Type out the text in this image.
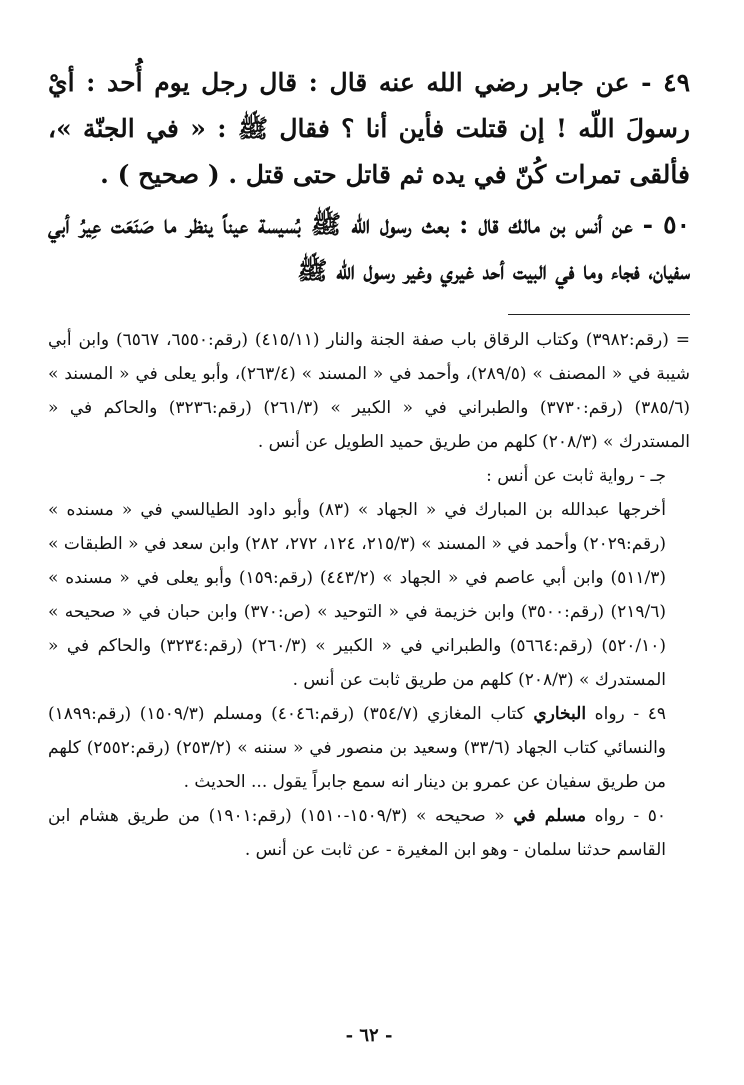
٤٩ - عن جابر رضي الله عنه قال : قال رجل يوم أُحد : أيْ رسولَ اللّه ! إن قتلت فأين أنا ؟ فقال ﷺ : « في الجنّة »، فألقى تمرات كُنّ في يده ثم قاتل حتى قتل . ( صحيح ) .

٥٠ - عن أنس بن مالك قال : بعث رسول اللّه ﷺ بُسيسة عيناً ينظر ما صَنَعَت عِيرُ أبي سفيان، فجاء وما في البيت أحد غيري وغير رسول اللّه ﷺ

= (رقم:٣٩٨٢) وكتاب الرقاق باب صفة الجنة والنار (٤١٥/١١) (رقم:٦٥٥٠، ٦٥٦٧) وابن أبي شيبة في « المصنف » (٢٨٩/٥)، وأحمد في « المسند » (٢٦٣/٤)، وأبو يعلى في « المسند » (٣٨٥/٦) (رقم:٣٧٣٠) والطبراني في « الكبير » (٢٦١/٣) (رقم:٣٢٣٦) والحاكم في « المستدرك » (٢٠٨/٣) كلهم من طريق حميد الطويل عن أنس .

جـ - رواية ثابت عن أنس :

أخرجها عبدالله بن المبارك في « الجهاد » (٨٣) وأبو داود الطيالسي في « مسنده » (رقم:٢٠٢٩) وأحمد في « المسند » (٢١٥/٣، ١٢٤، ٢٧٢، ٢٨٢) وابن سعد في « الطبقات » (٥١١/٣) وابن أبي عاصم في « الجهاد » (٤٤٣/٢) (رقم:١٥٩) وأبو يعلى في « مسنده » (٢١٩/٦) (رقم:٣٥٠٠) وابن خزيمة في « التوحيد » (ص:٣٧٠) وابن حبان في « صحيحه » (٥٢٠/١٠) (رقم:٥٦٦٤) والطبراني في « الكبير » (٢٦٠/٣) (رقم:٣٢٣٤) والحاكم في « المستدرك » (٢٠٨/٣) كلهم من طريق ثابت عن أنس .

٤٩ - رواه البخاري كتاب المغازي (٣٥٤/٧) (رقم:٤٠٤٦) ومسلم (١٥٠٩/٣) (رقم:١٨٩٩) والنسائي كتاب الجهاد (٣٣/٦) وسعيد بن منصور في « سننه » (٢٥٣/٢) (رقم:٢٥٥٢) كلهم من طريق سفيان عن عمرو بن دينار انه سمع جابراً يقول ... الحديث .

٥٠ - رواه مسلم في « صحيحه » (١٥٠٩/٣-١٥١٠) (رقم:١٩٠١) من طريق هشام ابن القاسم حدثنا سلمان - وهو ابن المغيرة - عن ثابت عن أنس .

- ٦٢ -
